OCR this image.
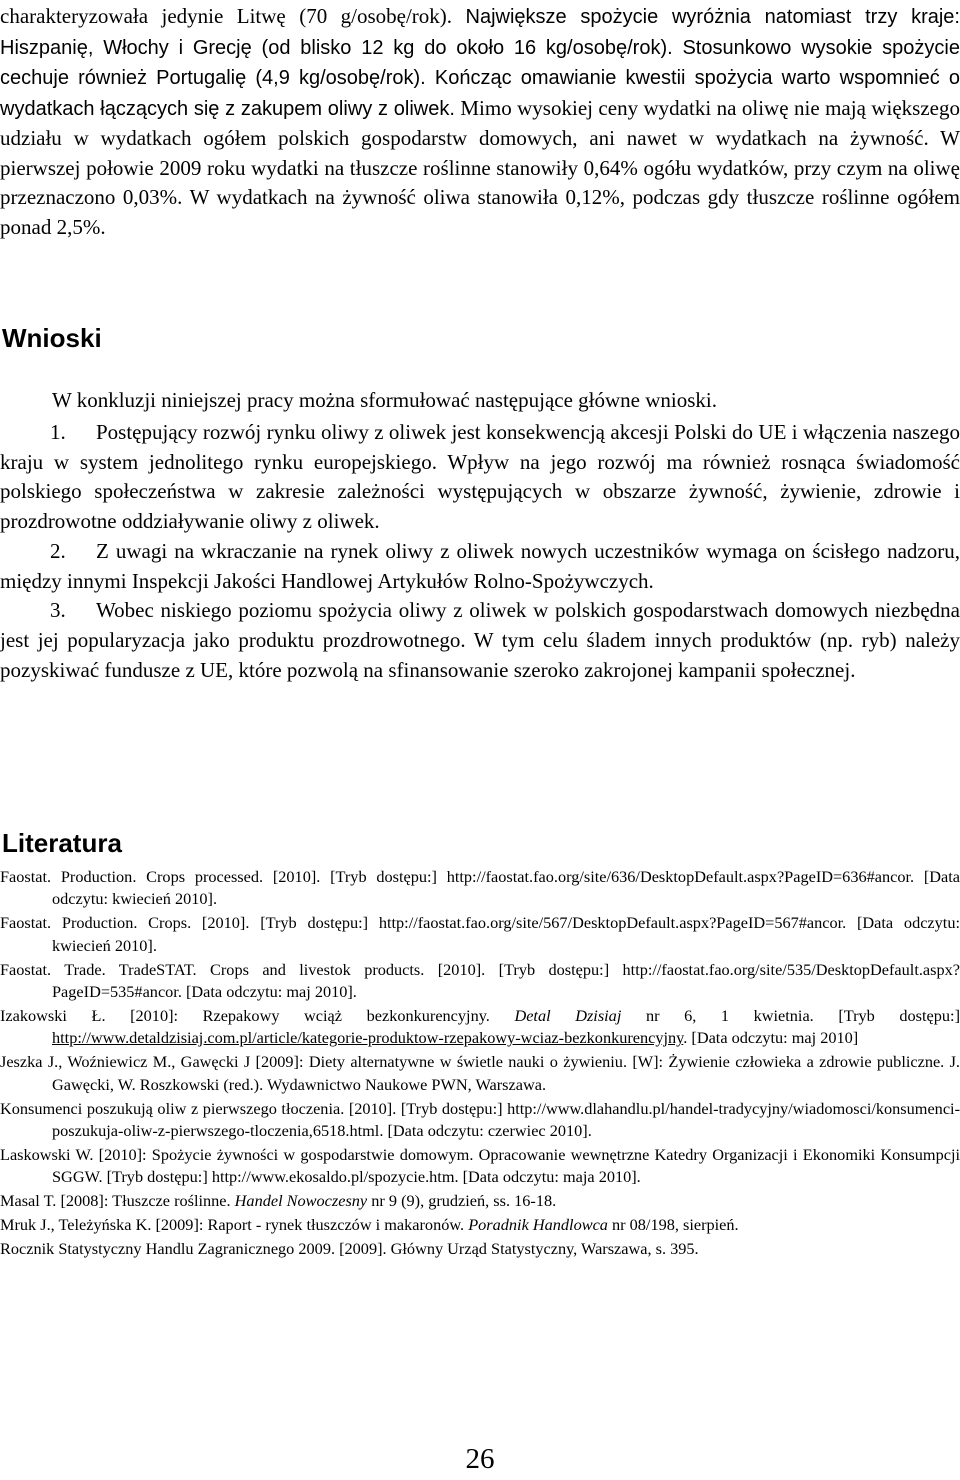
charakteryzowała jedynie Litwę (70 g/osobę/rok). Największe spożycie wyróżnia natomiast trzy kraje: Hiszpanię, Włochy i Grecję (od blisko 12 kg do około 16 kg/osobę/rok). Stosunkowo wysokie spożycie cechuje również Portugalię (4,9 kg/osobę/rok). Kończąc omawianie kwestii spożycia warto wspomnieć o wydatkach łączących się z zakupem oliwy z oliwek. Mimo wysokiej ceny wydatki na oliwę nie mają większego udziału w wydatkach ogółem polskich gospodarstw domowych, ani nawet w wydatkach na żywność. W pierwszej połowie 2009 roku wydatki na tłuszcze roślinne stanowiły 0,64% ogółu wydatków, przy czym na oliwę przeznaczono 0,03%. W wydatkach na żywność oliwa stanowiła 0,12%, podczas gdy tłuszcze roślinne ogółem ponad 2,5%.

Wnioski

W konkluzji niniejszej pracy można sformułować następujące główne wnioski.

1. Postępujący rozwój rynku oliwy z oliwek jest konsekwencją akcesji Polski do UE i włączenia naszego kraju w system jednolitego rynku europejskiego. Wpływ na jego rozwój ma również rosnąca świadomość polskiego społeczeństwa w zakresie zależności występujących w obszarze żywność, żywienie, zdrowie i prozdrowotne oddziaływanie oliwy z oliwek.
2. Z uwagi na wkraczanie na rynek oliwy z oliwek nowych uczestników wymaga on ścisłego nadzoru, między innymi Inspekcji Jakości Handlowej Artykułów Rolno-Spożywczych.
3. Wobec niskiego poziomu spożycia oliwy z oliwek w polskich gospodarstwach domowych niezbędna jest jej popularyzacja jako produktu prozdrowotnego. W tym celu śladem innych produktów (np. ryb) należy pozyskiwać fundusze z UE, które pozwolą na sfinansowanie szeroko zakrojonej kampanii społecznej.
Literatura
Faostat. Production. Crops processed. [2010]. [Tryb dostępu:] http://faostat.fao.org/site/636/DesktopDefault.aspx?PageID=636#ancor. [Data odczytu: kwiecień 2010].
Faostat. Production. Crops. [2010]. [Tryb dostępu:] http://faostat.fao.org/site/567/DesktopDefault.aspx?PageID=567#ancor. [Data odczytu: kwiecień 2010].
Faostat. Trade. TradeSTAT. Crops and livestok products. [2010]. [Tryb dostępu:] http://faostat.fao.org/site/535/DesktopDefault.aspx?PageID=535#ancor. [Data odczytu: maj 2010].
Izakowski Ł. [2010]: Rzepakowy wciąż bezkonkurencyjny. Detal Dzisiaj nr 6, 1 kwietnia. [Tryb dostępu:] http://www.detaldzisiaj.com.pl/article/kategorie-produktow-rzepakowy-wciaz-bezkonkurencyjny. [Data odczytu: maj 2010]
Jeszka J., Woźniewicz M., Gawęcki J [2009]: Diety alternatywne w świetle nauki o żywieniu. [W]: Żywienie człowieka a zdrowie publiczne. J. Gawęcki, W. Roszkowski (red.). Wydawnictwo Naukowe PWN, Warszawa.
Konsumenci poszukują oliw z pierwszego tłoczenia. [2010]. [Tryb dostępu:] http://www.dlahandlu.pl/handel-tradycyjny/wiadomosci/konsumenci-poszukuja-oliw-z-pierwszego-tloczenia,6518.html. [Data odczytu: czerwiec 2010].
Laskowski W. [2010]: Spożycie żywności w gospodarstwie domowym. Opracowanie wewnętrzne Katedry Organizacji i Ekonomiki Konsumpcji SGGW. [Tryb dostępu:] http://www.ekosaldo.pl/spozycie.htm. [Data odczytu: maja 2010].
Masal T. [2008]: Tłuszcze roślinne. Handel Nowoczesny nr 9 (9), grudzień, ss. 16-18.
Mruk J., Teleżyńska K. [2009]: Raport - rynek tłuszczów i makaronów. Poradnik Handlowca nr 08/198, sierpień.
Rocznik Statystyczny Handlu Zagranicznego 2009. [2009]. Główny Urząd Statystyczny, Warszawa, s. 395.

26
